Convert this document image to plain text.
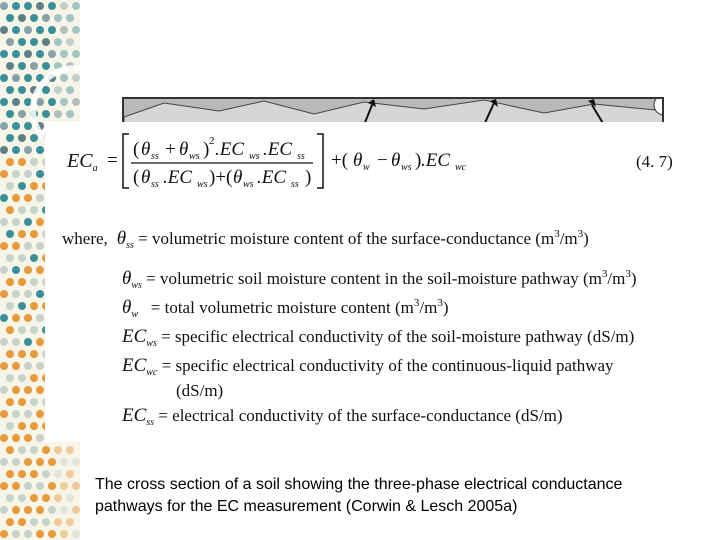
$EC_a$ =
( θ ss + θ ws ) 2 .EC ws .EC ss
( θ ss .EC ws )+( θ ws .EC ss )
+( θ w − θ ws ) .EC wc	(4. 7)
where,  $\theta_{ss}$ = volumetric moisture content of the surface-conductance $(m^3/m^3)$
$\theta_{ws}$ = volumetric soil moisture content in the soil-moisture pathway $(m^3/m^3)$
$\theta_w$ = total volumetric moisture content $(m^3/m^3)$
$EC_{ws}$ = specific electrical conductivity of the soil-moisture pathway (dS/m)
$EC_{wc}$ = specific electrical conductivity of the continuous-liquid pathway
(dS/m)
$EC_{ss}$ = electrical conductivity of the surface-conductance (dS/m)
The cross section of a soil showing the three-phase electrical conductance
pathways for the EC measurement (Corwin & Lesch 2005a)
